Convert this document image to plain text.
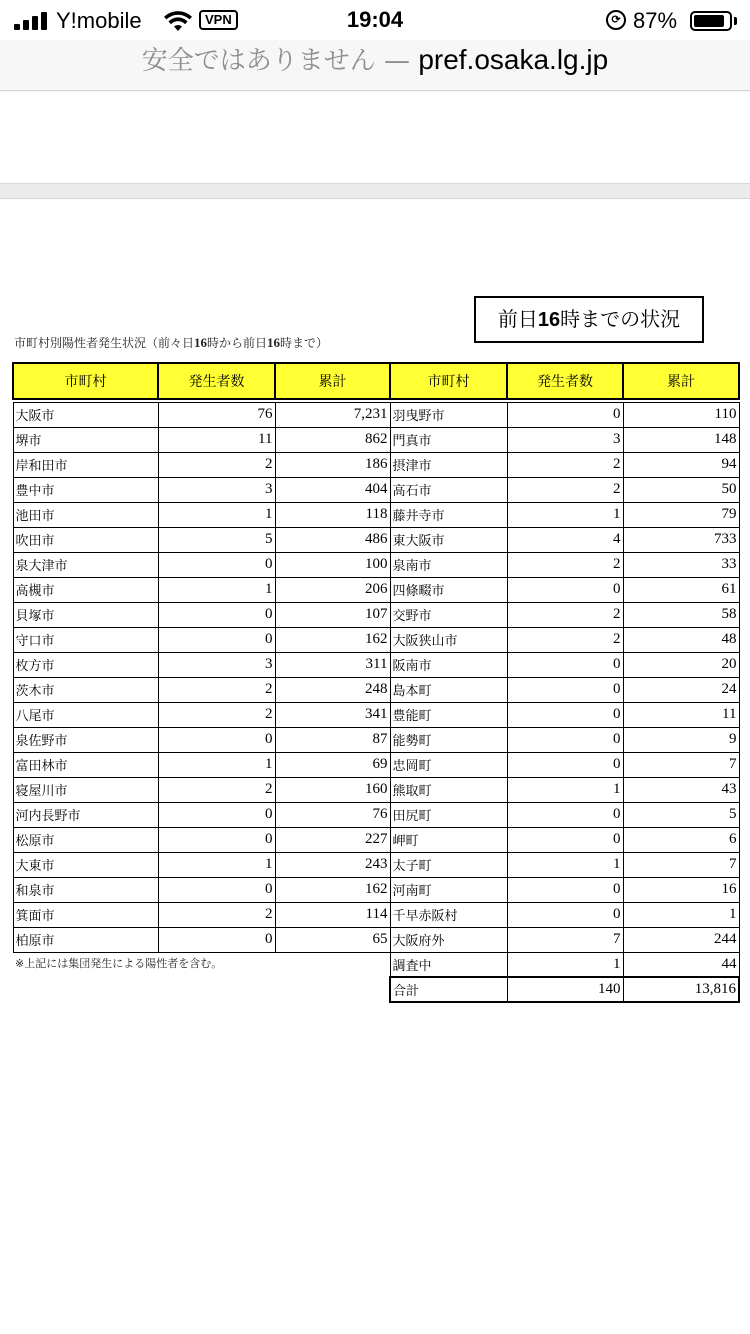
Y!mobile	VPN	19:04	⟳ 87%
安全ではありません — pref.osaka.lg.jp
前日16時までの状況
市町村別陽性者発生状況（前々日16時から前日16時まで）
市町村	発生者数	累計	市町村	発生者数	累計

大阪市	76	7,231	羽曳野市	0	110
堺市	11	862	門真市	3	148
岸和田市	2	186	摂津市	2	94
豊中市	3	404	高石市	2	50
池田市	1	118	藤井寺市	1	79
吹田市	5	486	東大阪市	4	733
泉大津市	0	100	泉南市	2	33
高槻市	1	206	四條畷市	0	61
貝塚市	0	107	交野市	2	58
守口市	0	162	大阪狭山市	2	48
枚方市	3	311	阪南市	0	20
茨木市	2	248	島本町	0	24
八尾市	2	341	豊能町	0	11
泉佐野市	0	87	能勢町	0	9
富田林市	1	69	忠岡町	0	7
寝屋川市	2	160	熊取町	1	43
河内長野市	0	76	田尻町	0	5
松原市	0	227	岬町	0	6
大東市	1	243	太子町	1	7
和泉市	0	162	河南町	0	16
箕面市	2	114	千早赤阪村	0	1
柏原市	0	65	大阪府外	7	244
※上記には集団発生による陽性者を含む。			調査中	1	44
			合計	140	13,816
